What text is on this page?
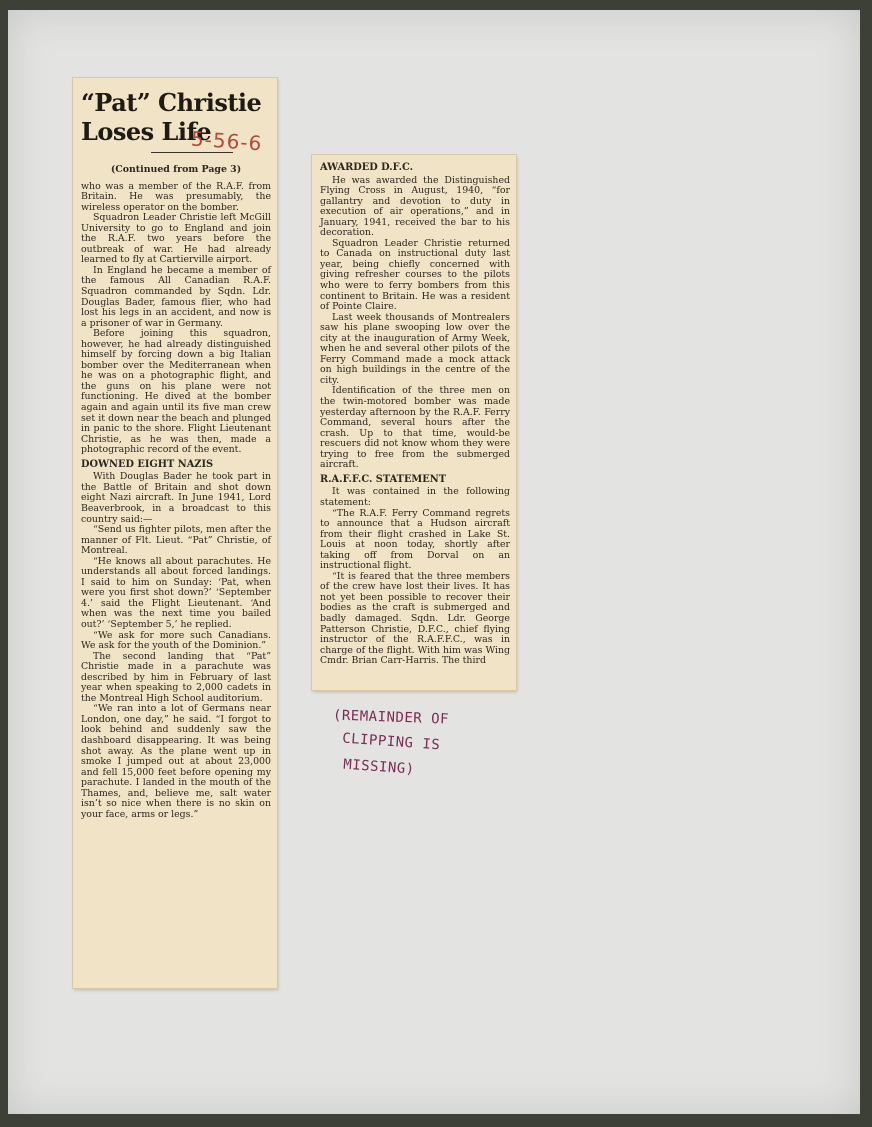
“Pat” Christie
Loses Life
5-56-6
(Continued from Page 3)

who was a member of the R.A.F. from Britain. He was presumably, the wireless operator on the bomber.

Squadron Leader Christie left McGill University to go to England and join the R.A.F. two years before the outbreak of war. He had already learned to fly at Cartierville airport.

In England he became a member of the famous All Canadian R.A.F. Squadron commanded by Sqdn. Ldr. Douglas Bader, famous flier, who had lost his legs in an accident, and now is a prisoner of war in Germany.

Before joining this squadron, however, he had already distinguished himself by forcing down a big Italian bomber over the Mediterranean when he was on a photographic flight, and the guns on his plane were not functioning. He dived at the bomber again and again until its five man crew set it down near the beach and plunged in panic to the shore. Flight Lieutenant Christie, as he was then, made a photographic record of the event.

DOWNED EIGHT NAZIS

With Douglas Bader he took part in the Battle of Britain and shot down eight Nazi aircraft. In June 1941, Lord Beaverbrook, in a broadcast to this country said:—

“Send us fighter pilots, men after the manner of Flt. Lieut. “Pat” Christie, of Montreal.

“He knows all about parachutes. He understands all about forced landings. I said to him on Sunday: ‘Pat, when were you first shot down?’ ‘September 4.’ said the Flight Lieutenant. ‘And when was the next time you bailed out?’ ‘September 5,’ he replied.

“We ask for more such Canadians. We ask for the youth of the Dominion.”

The second landing that “Pat” Christie made in a parachute was described by him in February of last year when speaking to 2,000 cadets in the Montreal High School auditorium.

“We ran into a lot of Germans near London, one day,” he said. “I forgot to look behind and suddenly saw the dashboard disappearing. It was being shot away. As the plane went up in smoke I jumped out at about 23,000 and fell 15,000 feet before opening my parachute. I landed in the mouth of the Thames, and, believe me, salt water isn’t so nice when there is no skin on your face, arms or legs.”

AWARDED D.F.C.

He was awarded the Distinguished Flying Cross in August, 1940, “for gallantry and devotion to duty in execution of air operations,” and in January, 1941, received the bar to his decoration.

Squadron Leader Christie returned to Canada on instructional duty last year, being chiefly concerned with giving refresher courses to the pilots who were to ferry bombers from this continent to Britain. He was a resident of Pointe Claire.

Last week thousands of Montrealers saw his plane swooping low over the city at the inauguration of Army Week, when he and several other pilots of the Ferry Command made a mock attack on high buildings in the centre of the city.

Identification of the three men on the twin-motored bomber was made yesterday afternoon by the R.A.F. Ferry Command, several hours after the crash. Up to that time, would-be rescuers did not know whom they were trying to free from the submerged aircraft.

R.A.F.F.C. STATEMENT

It was contained in the following statement:

“The R.A.F. Ferry Command regrets to announce that a Hudson aircraft from their flight crashed in Lake St. Louis at noon today, shortly after taking off from Dorval on an instructional flight.

“It is feared that the three members of the crew have lost their lives. It has not yet been possible to recover their bodies as the craft is submerged and badly damaged. Sqdn. Ldr. George Patterson Christie, D.F.C., chief flying instructor of the R.A.F.F.C., was in charge of the flight. With him was Wing Cmdr. Brian Carr-Harris. The third

(REMAINDER OF
CLIPPING IS
MISSING)
